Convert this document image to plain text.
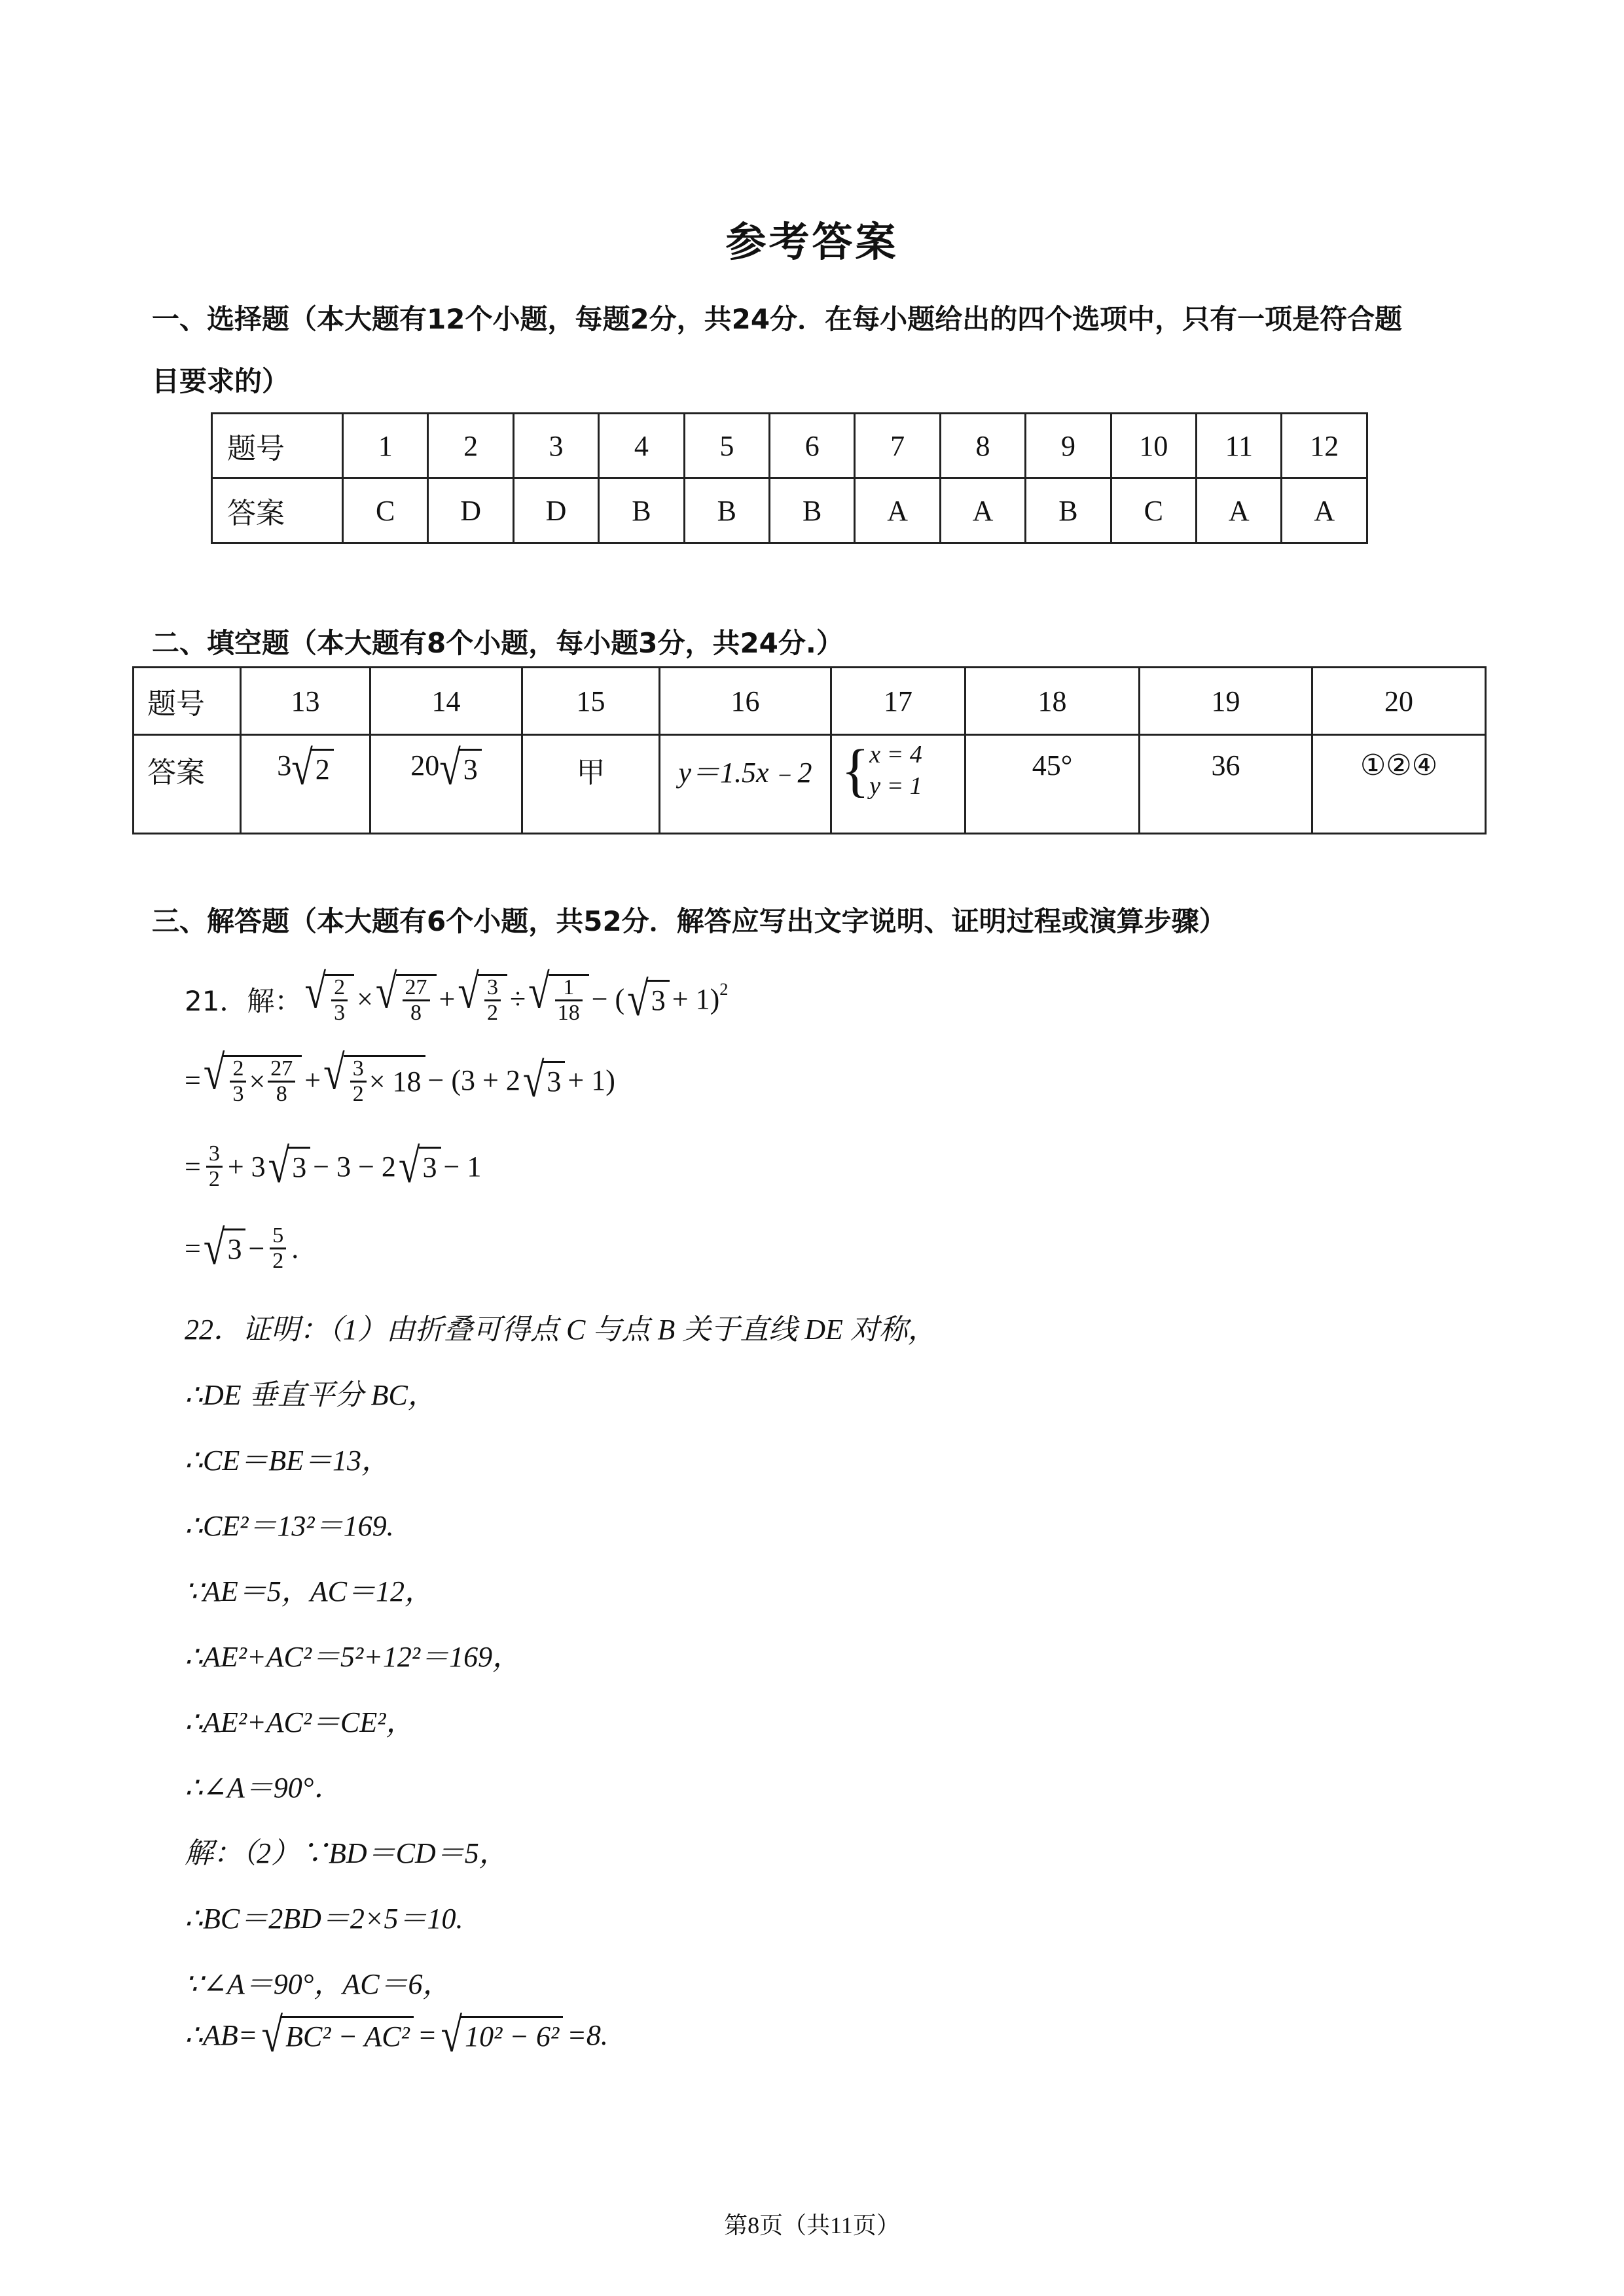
参考答案
一、选择题（本大题有12个小题，每题2分，共24分．在每小题给出的四个选项中，只有一项是符合题
目要求的）
题号	1	2	3	4	5	6	7	8	9	10	11	12
答案	C	D	D	B	B	B	A	A	B	C	A	A
二、填空题（本大题有8个小题，每小题3分，共24分.）
题号	13	14	15	16	17	18	19	20
答案	3 √ 2	20 √ 3	甲	y＝1.5x﹣2	{ x = 4
y = 1	45°	36	①②④
三、解答题（本大题有6个小题，共52分．解答应写出文字说明、证明过程或演算步骤）
21．解： √ $\frac{2}{3}$ × √ $\frac{27}{8}$ + √ $\frac{3}{2}$ ÷ √ $\frac{1}{18}$ − ( √ 3 + 1)$^2$
= √ $\frac{2}{3} \times \frac{27}{8}$ + √ $\frac{3}{2} \times 18 - (3 + 2$ √ 3 + 1)
= $\frac{3}{2} + 3$ √ 3 − 3 − 2 √ 3 − 1
= √ $3 - \frac{5}{2}$ .
22．证明：（1）由折叠可得点 C 与点 B 关于直线 DE 对称，
∴DE 垂直平分 BC，
∴CE＝BE＝13，
∴CE²＝13²＝169.
∵AE＝5，AC＝12，
∴AE²+AC²＝5²+12²＝169，
∴AE²+AC²＝CE²，
∴∠A＝90°．
解：（2）∵BD＝CD＝5，
∴BC＝2BD＝2×5＝10.
∵∠A＝90°，AC＝6，
∴AB= √ BC² − AC² = √ 10² − 6² =8.
第8页（共11页）
